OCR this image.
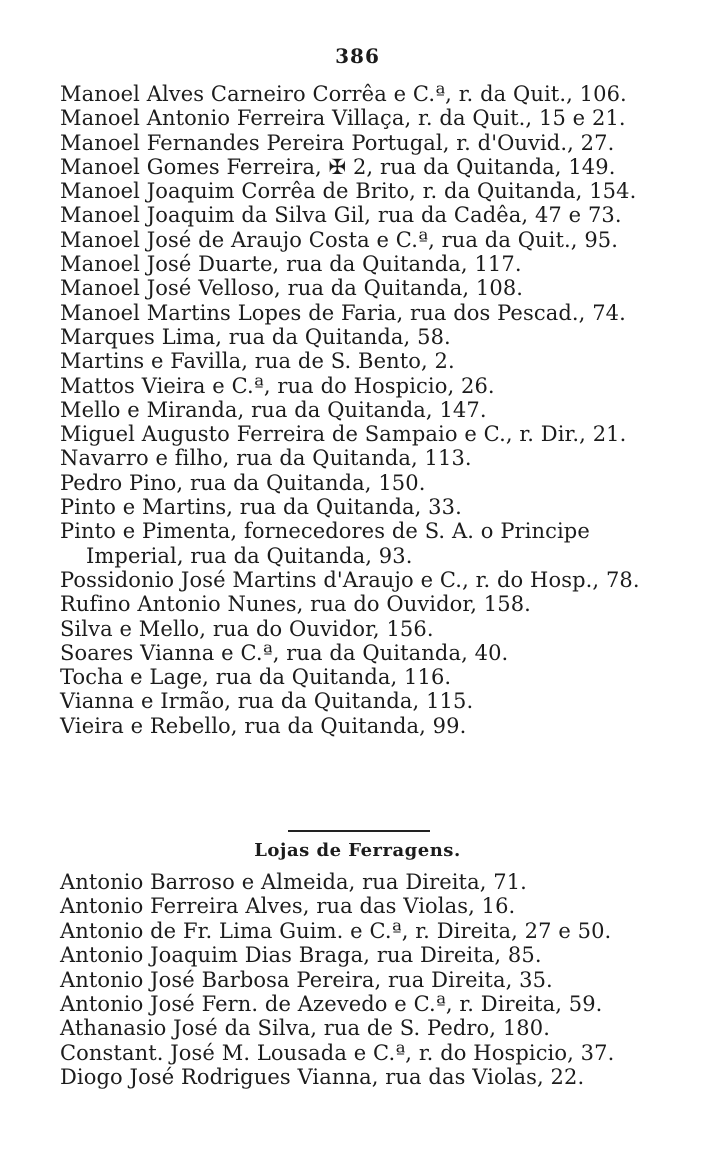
386
Manoel Alves Carneiro Corrêa e C.ª, r. da Quit., 106.
Manoel Antonio Ferreira Villaça, r. da Quit., 15 e 21.
Manoel Fernandes Pereira Portugal, r. d'Ouvid., 27.
Manoel Gomes Ferreira, ✠ 2, rua da Quitanda, 149.
Manoel Joaquim Corrêa de Brito, r. da Quitanda, 154.
Manoel Joaquim da Silva Gil, rua da Cadêa, 47 e 73.
Manoel José de Araujo Costa e C.ª, rua da Quit., 95.
Manoel José Duarte, rua da Quitanda, 117.
Manoel José Velloso, rua da Quitanda, 108.
Manoel Martins Lopes de Faria, rua dos Pescad., 74.
Marques Lima, rua da Quitanda, 58.
Martins e Favilla, rua de S. Bento, 2.
Mattos Vieira e C.ª, rua do Hospicio, 26.
Mello e Miranda, rua da Quitanda, 147.
Miguel Augusto Ferreira de Sampaio e C., r. Dir., 21.
Navarro e filho, rua da Quitanda, 113.
Pedro Pino, rua da Quitanda, 150.
Pinto e Martins, rua da Quitanda, 33.
Pinto e Pimenta, fornecedores de S. A. o Principe
Imperial, rua da Quitanda, 93.
Possidonio José Martins d'Araujo e C., r. do Hosp., 78.
Rufino Antonio Nunes, rua do Ouvidor, 158.
Silva e Mello, rua do Ouvidor, 156.
Soares Vianna e C.ª, rua da Quitanda, 40.
Tocha e Lage, rua da Quitanda, 116.
Vianna e Irmão, rua da Quitanda, 115.
Vieira e Rebello, rua da Quitanda, 99.
Lojas de Ferragens.
Antonio Barroso e Almeida, rua Direita, 71.
Antonio Ferreira Alves, rua das Violas, 16.
Antonio de Fr. Lima Guim. e C.ª, r. Direita, 27 e 50.
Antonio Joaquim Dias Braga, rua Direita, 85.
Antonio José Barbosa Pereira, rua Direita, 35.
Antonio José Fern. de Azevedo e C.ª, r. Direita, 59.
Athanasio José da Silva, rua de S. Pedro, 180.
Constant. José M. Lousada e C.ª, r. do Hospicio, 37.
Diogo José Rodrigues Vianna, rua das Violas, 22.
